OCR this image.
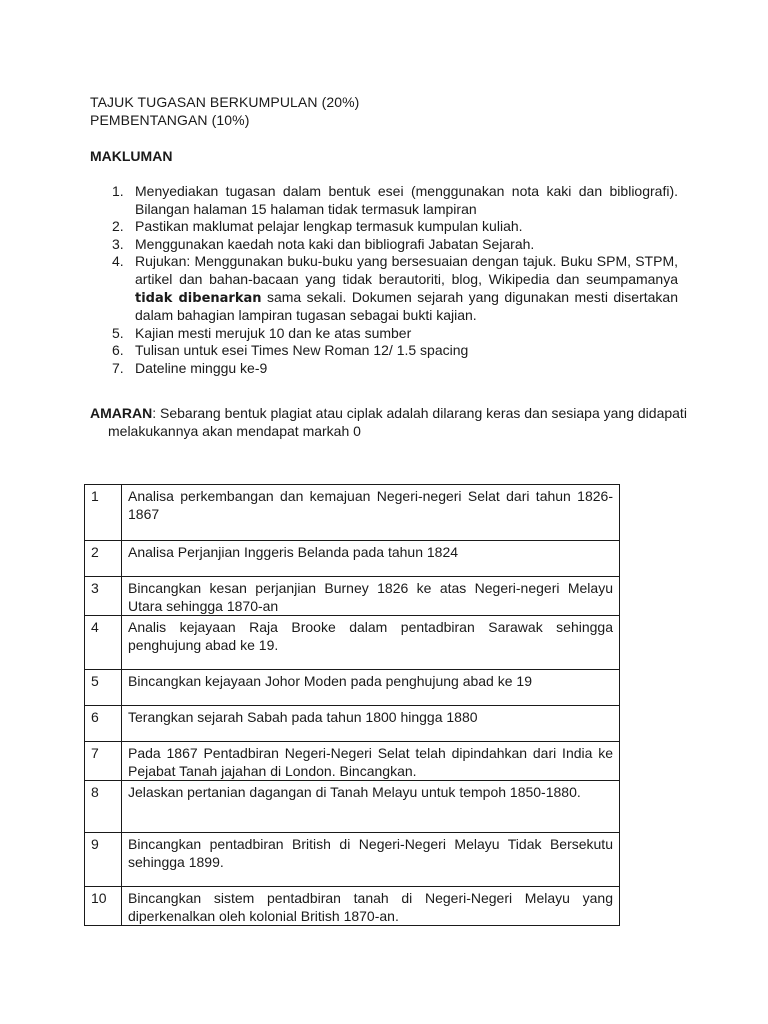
TAJUK TUGASAN BERKUMPULAN (20%)
PEMBENTANGAN (10%)
MAKLUMAN
1. Menyediakan tugasan dalam bentuk esei (menggunakan nota kaki dan bibliografi). Bilangan halaman 15 halaman tidak termasuk lampiran
2. Pastikan maklumat pelajar lengkap termasuk kumpulan kuliah.
3. Menggunakan kaedah nota kaki dan bibliografi Jabatan Sejarah.
4. Rujukan: Menggunakan buku-buku yang bersesuaian dengan tajuk. Buku SPM, STPM, artikel dan bahan-bacaan yang tidak berautoriti, blog, Wikipedia dan seumpamanya tidak dibenarkan sama sekali. Dokumen sejarah yang digunakan mesti disertakan dalam bahagian lampiran tugasan sebagai bukti kajian.
5. Kajian mesti merujuk 10 dan ke atas sumber
6. Tulisan untuk esei Times New Roman 12/ 1.5 spacing
7. Dateline minggu ke-9
AMARAN: Sebarang bentuk plagiat atau ciplak adalah dilarang keras dan sesiapa yang didapati melakukannya akan mendapat markah 0
1	Analisa perkembangan dan kemajuan Negeri-negeri Selat dari tahun 1826-1867
2	Analisa Perjanjian Inggeris Belanda pada tahun 1824
3	Bincangkan kesan perjanjian Burney 1826 ke atas Negeri-negeri Melayu Utara sehingga 1870-an
4	Analis kejayaan Raja Brooke dalam pentadbiran Sarawak sehingga penghujung abad ke 19.
5	Bincangkan kejayaan Johor Moden pada penghujung abad ke 19
6	Terangkan sejarah Sabah pada tahun 1800 hingga 1880
7	Pada 1867 Pentadbiran Negeri-Negeri Selat telah dipindahkan dari India ke Pejabat Tanah jajahan di London. Bincangkan.
8	Jelaskan pertanian dagangan di Tanah Melayu untuk tempoh 1850-1880.
9	Bincangkan pentadbiran British di Negeri-Negeri Melayu Tidak Bersekutu sehingga 1899.
10	Bincangkan sistem pentadbiran tanah di Negeri-Negeri Melayu yang diperkenalkan oleh kolonial British 1870-an.
